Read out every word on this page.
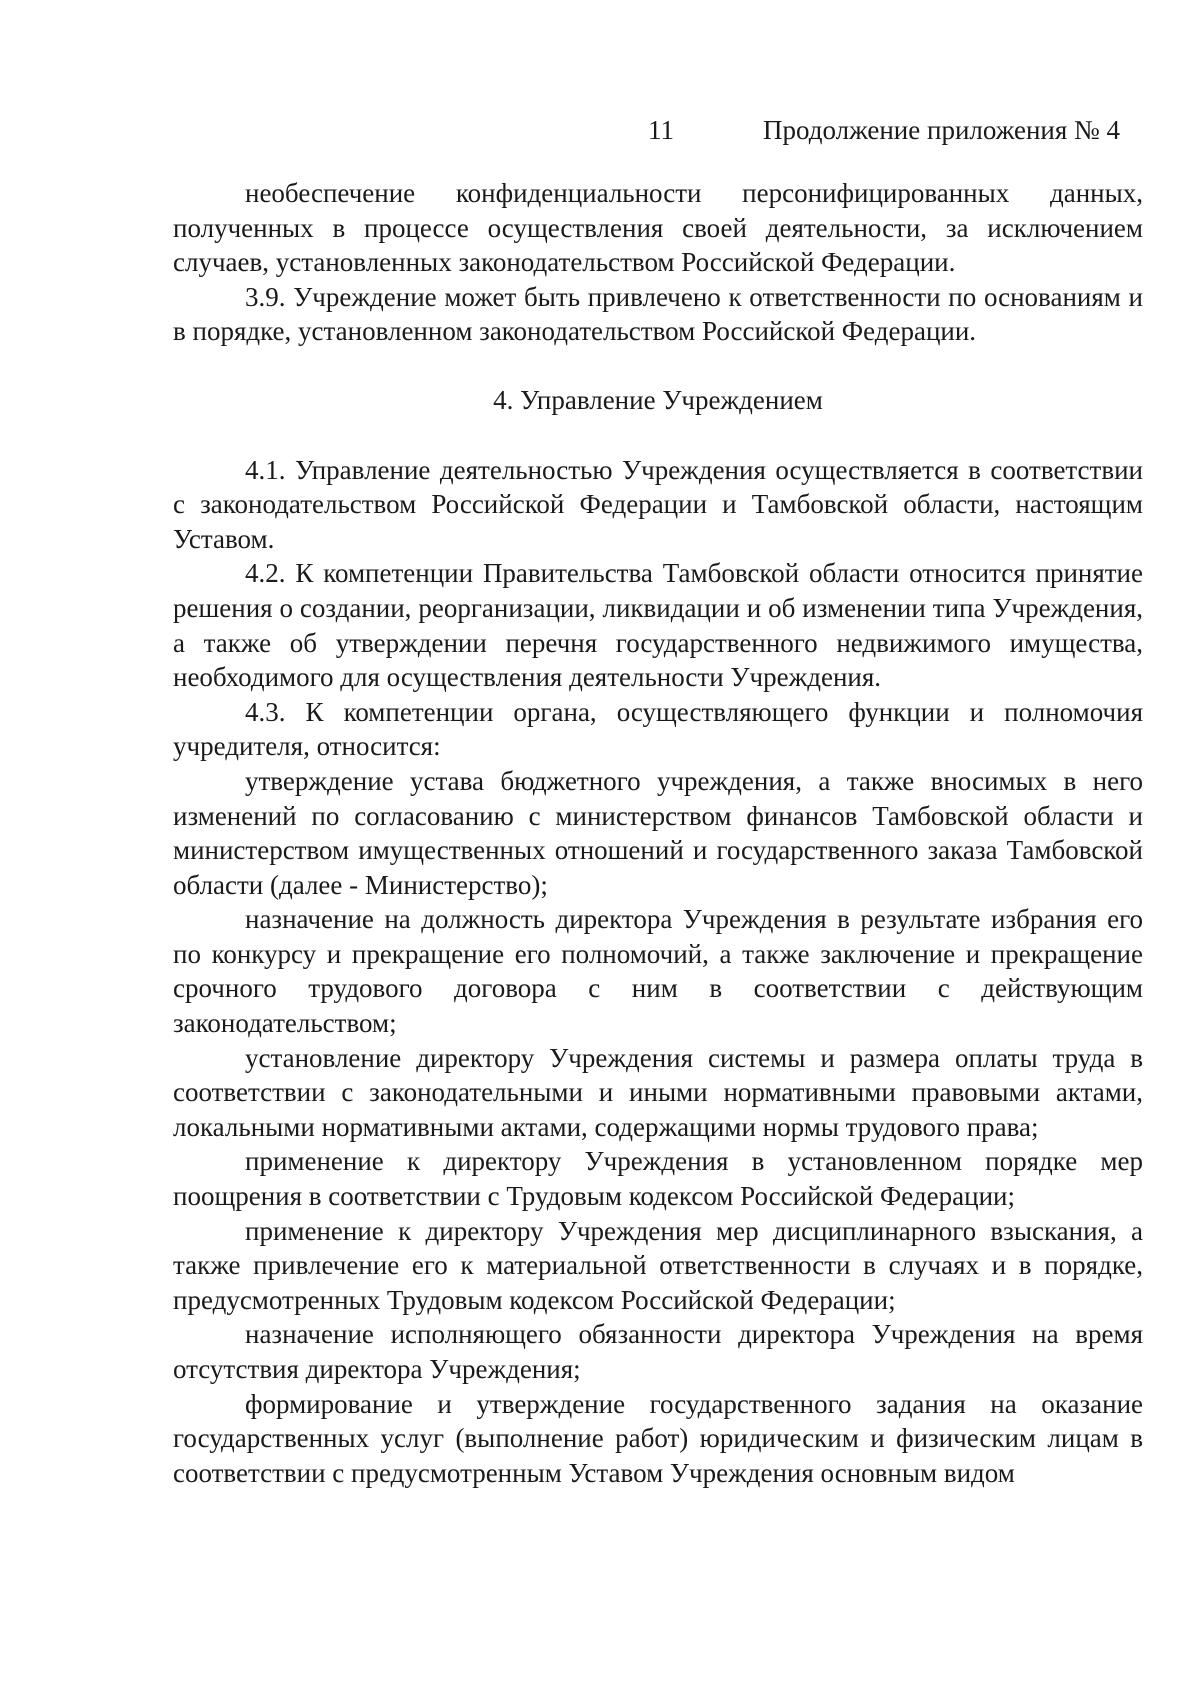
11	Продолжение приложения № 4

необеспечение конфиденциальности персонифицированных данных, полученных в процессе осуществления своей деятельности, за исключением случаев, установленных законодательством Российской Федерации.

3.9. Учреждение может быть привлечено к ответственности по основаниям и в порядке, установленном законодательством Российской Федерации.

4. Управление Учреждением

4.1. Управление деятельностью Учреждения осуществляется в соответствии с законодательством Российской Федерации и Тамбовской области, настоящим Уставом.

4.2. К компетенции Правительства Тамбовской области относится принятие решения о создании, реорганизации, ликвидации и об изменении типа Учреждения, а также об утверждении перечня государственного недвижимого имущества, необходимого для осуществления деятельности Учреждения.

4.3. К компетенции органа, осуществляющего функции и полномочия учредителя, относится:

утверждение устава бюджетного учреждения, а также вносимых в него изменений по согласованию с министерством финансов Тамбовской области и министерством имущественных отношений и государственного заказа Тамбовской области (далее - Министерство);

назначение на должность директора Учреждения в результате избрания его по конкурсу и прекращение его полномочий, а также заключение и прекращение срочного трудового договора с ним в соответствии с действующим законодательством;

установление директору Учреждения системы и размера оплаты труда в соответствии с законодательными и иными нормативными правовыми актами, локальными нормативными актами, содержащими нормы трудового права;

применение к директору Учреждения в установленном порядке мер поощрения в соответствии с Трудовым кодексом Российской Федерации;

применение к директору Учреждения мер дисциплинарного взыскания, а также привлечение его к материальной ответственности в случаях и в порядке, предусмотренных Трудовым кодексом Российской Федерации;

назначение исполняющего обязанности директора Учреждения на время отсутствия директора Учреждения;

формирование и утверждение государственного задания на оказание государственных услуг (выполнение работ) юридическим и физическим лицам в соответствии с предусмотренным Уставом Учреждения основным видом
